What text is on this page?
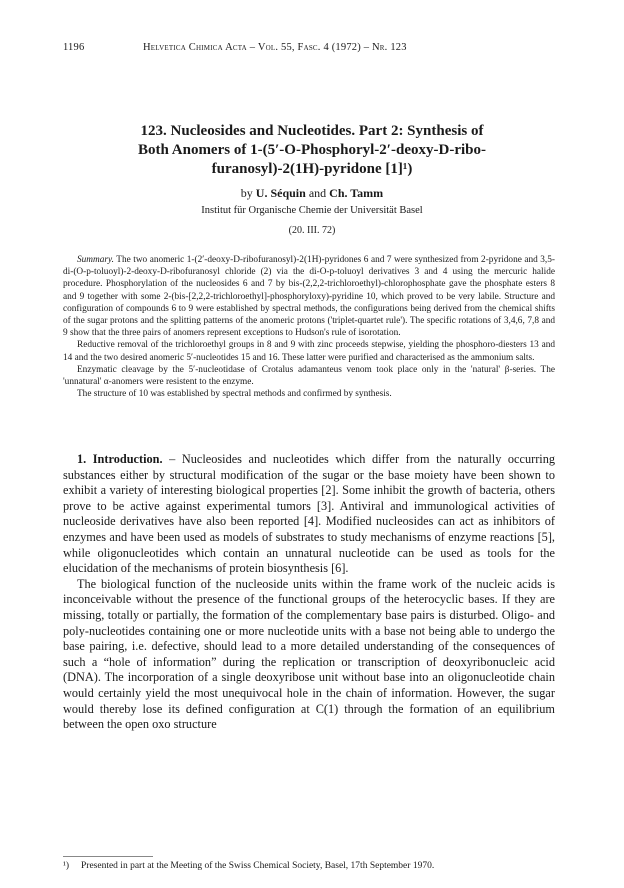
1196	Helvetica Chimica Acta – Vol. 55, Fasc. 4 (1972) – Nr. 123
123. Nucleosides and Nucleotides. Part 2: Synthesis of
Both Anomers of 1-(5′-O-Phosphoryl-2′-deoxy-D-ribo-
furanosyl)-2(1H)-pyridone [1]¹)
by U. Séquin and Ch. Tamm
Institut für Organische Chemie der Universität Basel
(20. III. 72)

Summary. The two anomeric 1-(2′-deoxy-D-ribofuranosyl)-2(1H)-pyridones 6 and 7 were synthesized from 2-pyridone and 3,5-di-(O-p-toluoyl)-2-deoxy-D-ribofuranosyl chloride (2) via the di-O-p-toluoyl derivatives 3 and 4 using the mercuric halide procedure. Phosphorylation of the nucleosides 6 and 7 by bis-(2,2,2-trichloroethyl)-chlorophosphate gave the phosphate esters 8 and 9 together with some 2-(bis-[2,2,2-trichloroethyl]-phosphoryloxy)-pyridine 10, which proved to be very labile. Structure and configuration of compounds 6 to 9 were established by spectral methods, the configurations being derived from the chemical shifts of the sugar protons and the splitting patterns of the anomeric protons ('triplet-quartet rule'). The specific rotations of 3,4,6, 7,8 and 9 show that the three pairs of anomers represent exceptions to Hudson's rule of isorotation.

Reductive removal of the trichloroethyl groups in 8 and 9 with zinc proceeds stepwise, yielding the phosphoro-diesters 13 and 14 and the two desired anomeric 5′-nucleotides 15 and 16. These latter were purified and characterised as the ammonium salts.

Enzymatic cleavage by the 5′-nucleotidase of Crotalus adamanteus venom took place only in the 'natural' β-series. The 'unnatural' α-anomers were resistent to the enzyme.

The structure of 10 was established by spectral methods and confirmed by synthesis.

1. Introduction. – Nucleosides and nucleotides which differ from the naturally occurring substances either by structural modification of the sugar or the base moiety have been shown to exhibit a variety of interesting biological properties [2]. Some inhibit the growth of bacteria, others prove to be active against experimental tumors [3]. Antiviral and immunological activities of nucleoside derivatives have also been reported [4]. Modified nucleosides can act as inhibitors of enzymes and have been used as models of substrates to study mechanisms of enzyme reactions [5], while oligonucleotides which contain an unnatural nucleotide can be used as tools for the elucidation of the mechanisms of protein biosynthesis [6].

The biological function of the nucleoside units within the frame work of the nucleic acids is inconceivable without the presence of the functional groups of the heterocyclic bases. If they are missing, totally or partially, the formation of the complementary base pairs is disturbed. Oligo- and poly-nucleotides containing one or more nucleotide units with a base not being able to undergo the base pairing, i.e. defective, should lead to a more detailed understanding of the consequences of such a “hole of information” during the replication or transcription of deoxyribonucleic acid (DNA). The incorporation of a single deoxyribose unit without base into an oligonucleotide chain would certainly yield the most unequivocal hole in the chain of information. However, the sugar would thereby lose its defined configuration at C(1) through the formation of an equilibrium between the open oxo structure

¹) Presented in part at the Meeting of the Swiss Chemical Society, Basel, 17th September 1970.
